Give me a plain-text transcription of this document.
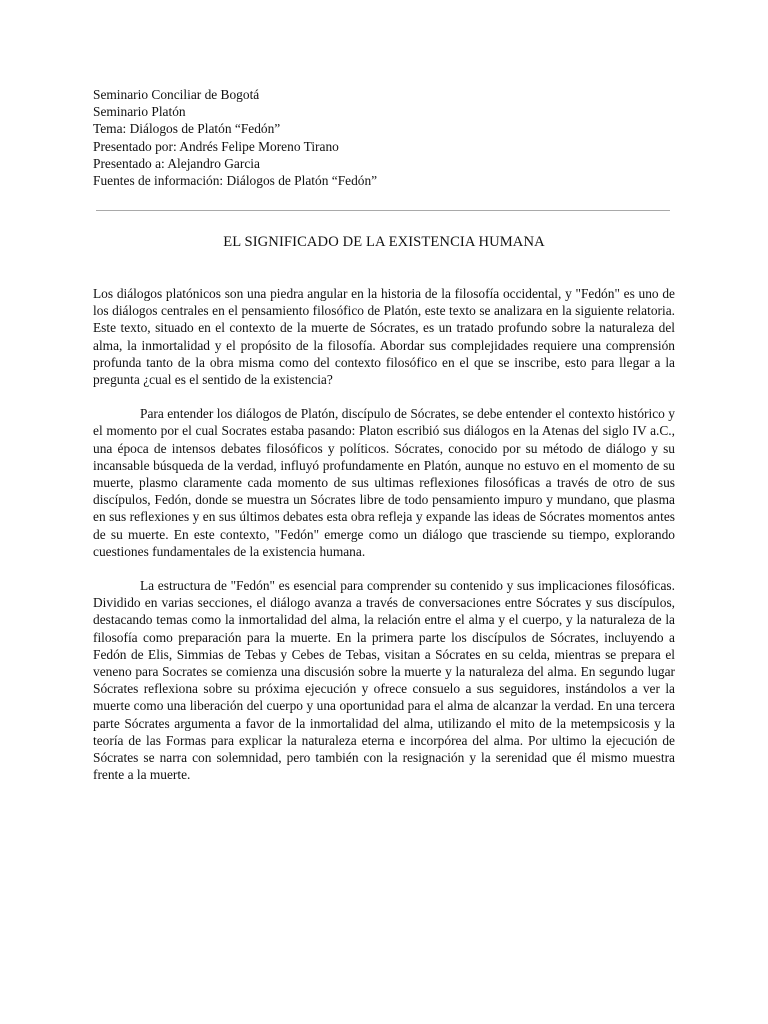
Seminario Conciliar de Bogotá
Seminario Platón
Tema: Diálogos de Platón “Fedón”
Presentado por: Andrés Felipe Moreno Tirano
Presentado a: Alejandro Garcia
Fuentes de información: Diálogos de Platón “Fedón”
EL SIGNIFICADO DE LA EXISTENCIA HUMANA

Los diálogos platónicos son una piedra angular en la historia de la filosofía occidental, y "Fedón" es uno de los diálogos centrales en el pensamiento filosófico de Platón, este texto se analizara en la siguiente relatoria. Este texto, situado en el contexto de la muerte de Sócrates, es un tratado profundo sobre la naturaleza del alma, la inmortalidad y el propósito de la filosofía. Abordar sus complejidades requiere una comprensión profunda tanto de la obra misma como del contexto filosófico en el que se inscribe, esto para llegar a la pregunta ¿cual es el sentido de la existencia?

Para entender los diálogos de Platón, discípulo de Sócrates, se debe entender el contexto histórico y el momento por el cual Socrates estaba pasando: Platon escribió sus diálogos en la Atenas del siglo IV a.C., una época de intensos debates filosóficos y políticos. Sócrates, conocido por su método de diálogo y su incansable búsqueda de la verdad, influyó profundamente en Platón, aunque no estuvo en el momento de su muerte, plasmo claramente cada momento de sus ultimas reflexiones filosóficas a través de otro de sus discípulos, Fedón, donde se muestra un Sócrates libre de todo pensamiento impuro y mundano, que plasma en sus reflexiones y en sus últimos debates esta obra refleja y expande las ideas de Sócrates momentos antes de su muerte. En este contexto, "Fedón" emerge como un diálogo que trasciende su tiempo, explorando cuestiones fundamentales de la existencia humana.

La estructura de "Fedón" es esencial para comprender su contenido y sus implicaciones filosóficas. Dividido en varias secciones, el diálogo avanza a través de conversaciones entre Sócrates y sus discípulos, destacando temas como la inmortalidad del alma, la relación entre el alma y el cuerpo, y la naturaleza de la filosofía como preparación para la muerte. En la primera parte los discípulos de Sócrates, incluyendo a Fedón de Elis, Simmias de Tebas y Cebes de Tebas, visitan a Sócrates en su celda, mientras se prepara el veneno para Socrates se comienza una discusión sobre la muerte y la naturaleza del alma. En segundo lugar Sócrates reflexiona sobre su próxima ejecución y ofrece consuelo a sus seguidores, instándolos a ver la muerte como una liberación del cuerpo y una oportunidad para el alma de alcanzar la verdad. En una tercera parte Sócrates argumenta a favor de la inmortalidad del alma, utilizando el mito de la metempsicosis y la teoría de las Formas para explicar la naturaleza eterna e incorpórea del alma. Por ultimo la ejecución de Sócrates se narra con solemnidad, pero también con la resignación y la serenidad que él mismo muestra frente a la muerte.
